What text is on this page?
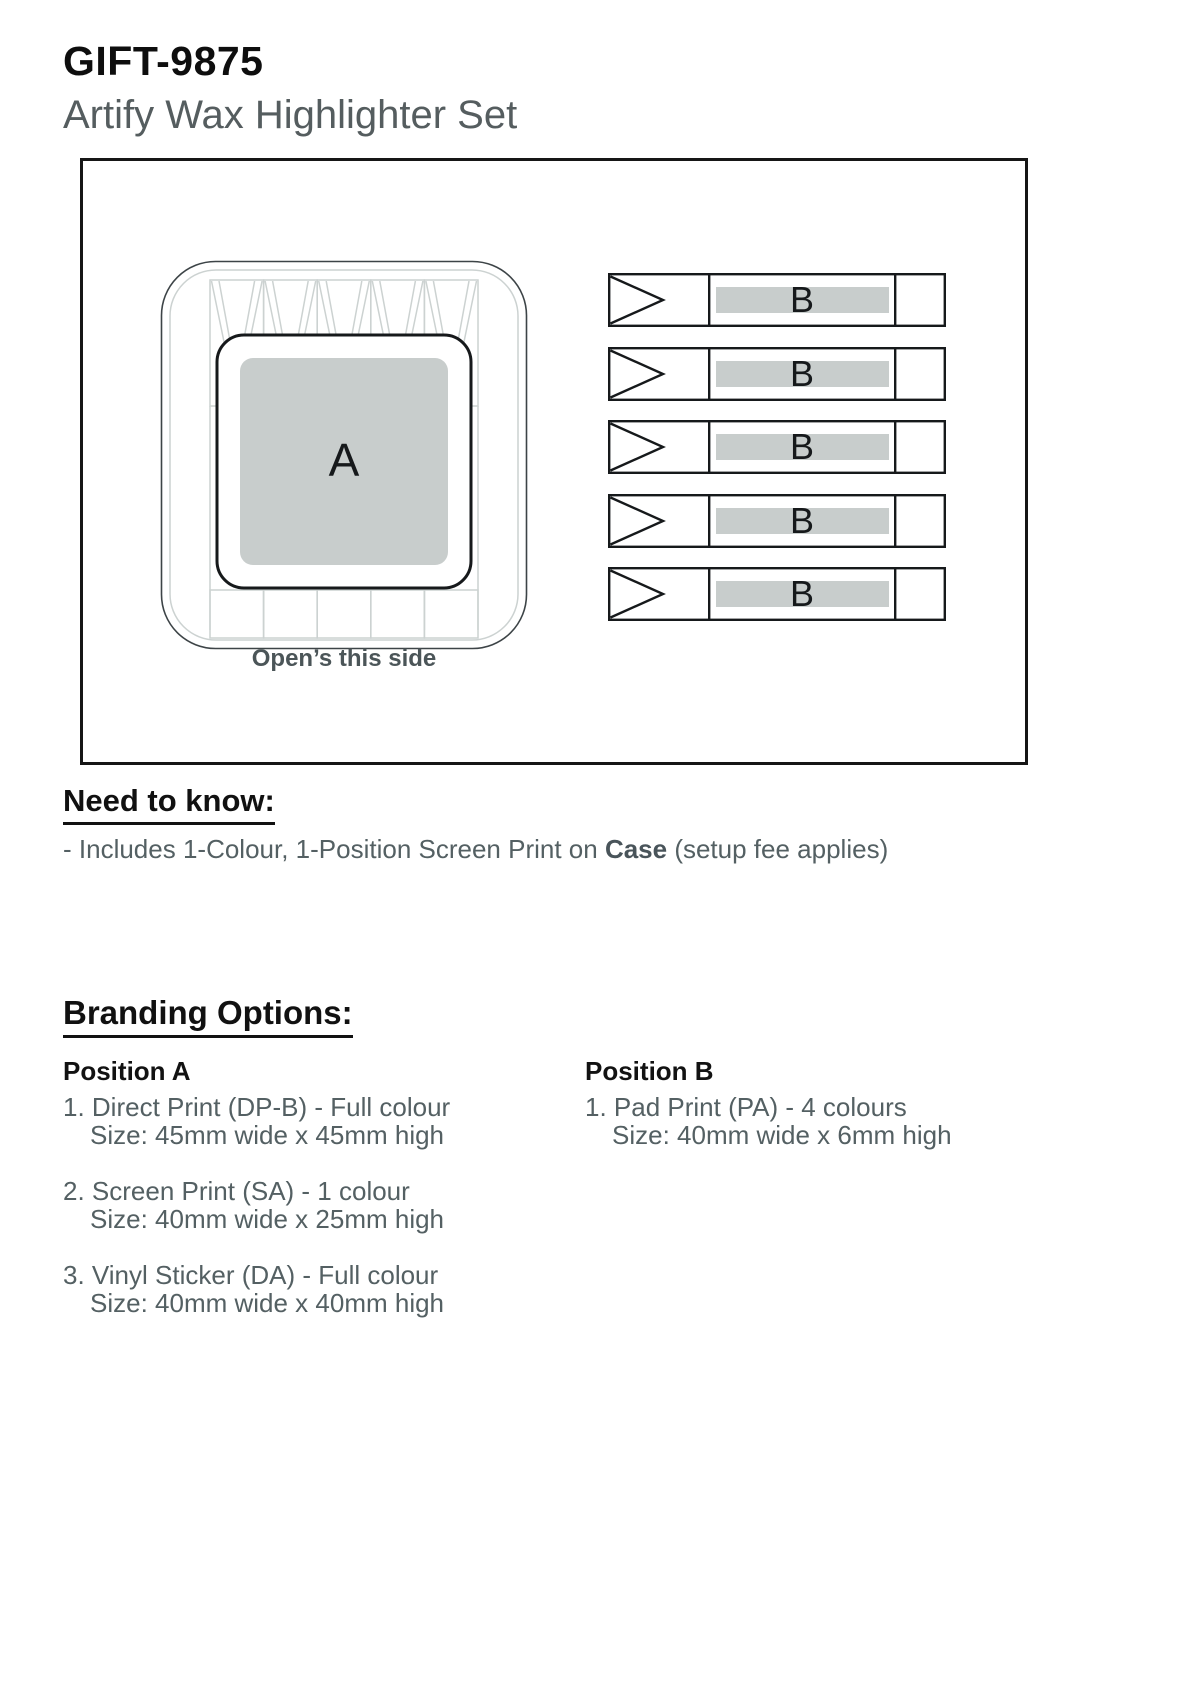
GIFT-9875
Artify Wax Highlighter Set
A
Open’s this side
B
B
B
B
B
Need to know:
- Includes 1-Colour, 1-Position Screen Print on Case (setup fee applies)
Branding Options:
Position A
1. Direct Print (DP-B) - Full colour
Size: 45mm wide x 45mm high
2. Screen Print (SA) - 1 colour
Size: 40mm wide x 25mm high
3. Vinyl Sticker (DA) - Full colour
Size: 40mm wide x 40mm high
Position B
1. Pad Print (PA) - 4 colours
Size: 40mm wide x 6mm high
